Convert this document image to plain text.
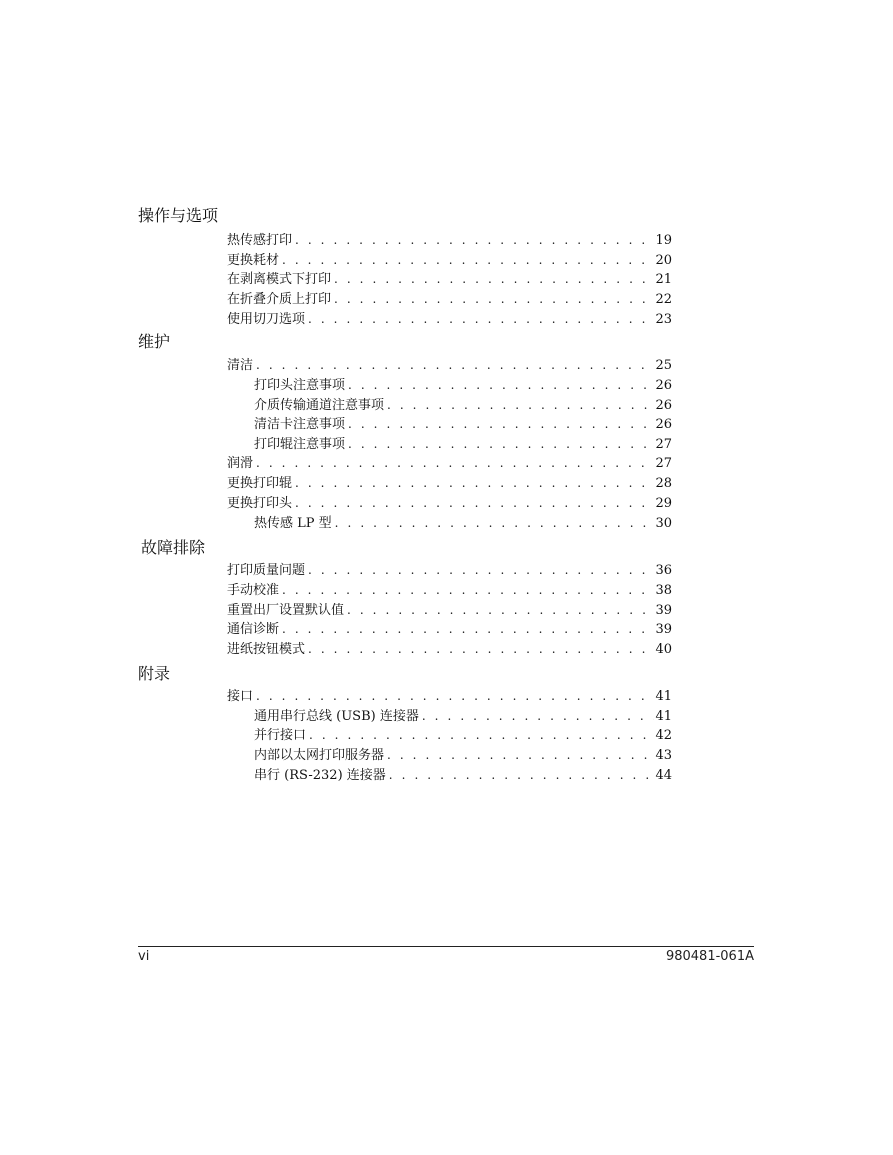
操作与选项
热传感打印 . . .	19
更换耗材 . . .	20
在剥离模式下打印 . . .	21
在折叠介质上打印 . . .	22
使用切刀选项 . . .	23
维护
清洁 . . .	25
打印头注意事项 . . .	26
介质传输通道注意事项 . . .	26
清洁卡注意事项 . . .	26
打印辊注意事项 . . .	27
润滑 . . .	27
更换打印辊 . . .	28
更换打印头 . . .	29
热传感 LP 型 . . .	30
故障排除
打印质量问题 . . .	36
手动校准 . . .	38
重置出厂设置默认值 . . .	39
通信诊断 . . .	39
进纸按钮模式 . . .	40
附录
接口 . . .	41
通用串行总线 (USB) 连接器 . . .	41
并行接口 . . .	42
内部以太网打印服务器 . . .	43
串行 (RS-232) 连接器 . . .	44
vi	980481-061A
